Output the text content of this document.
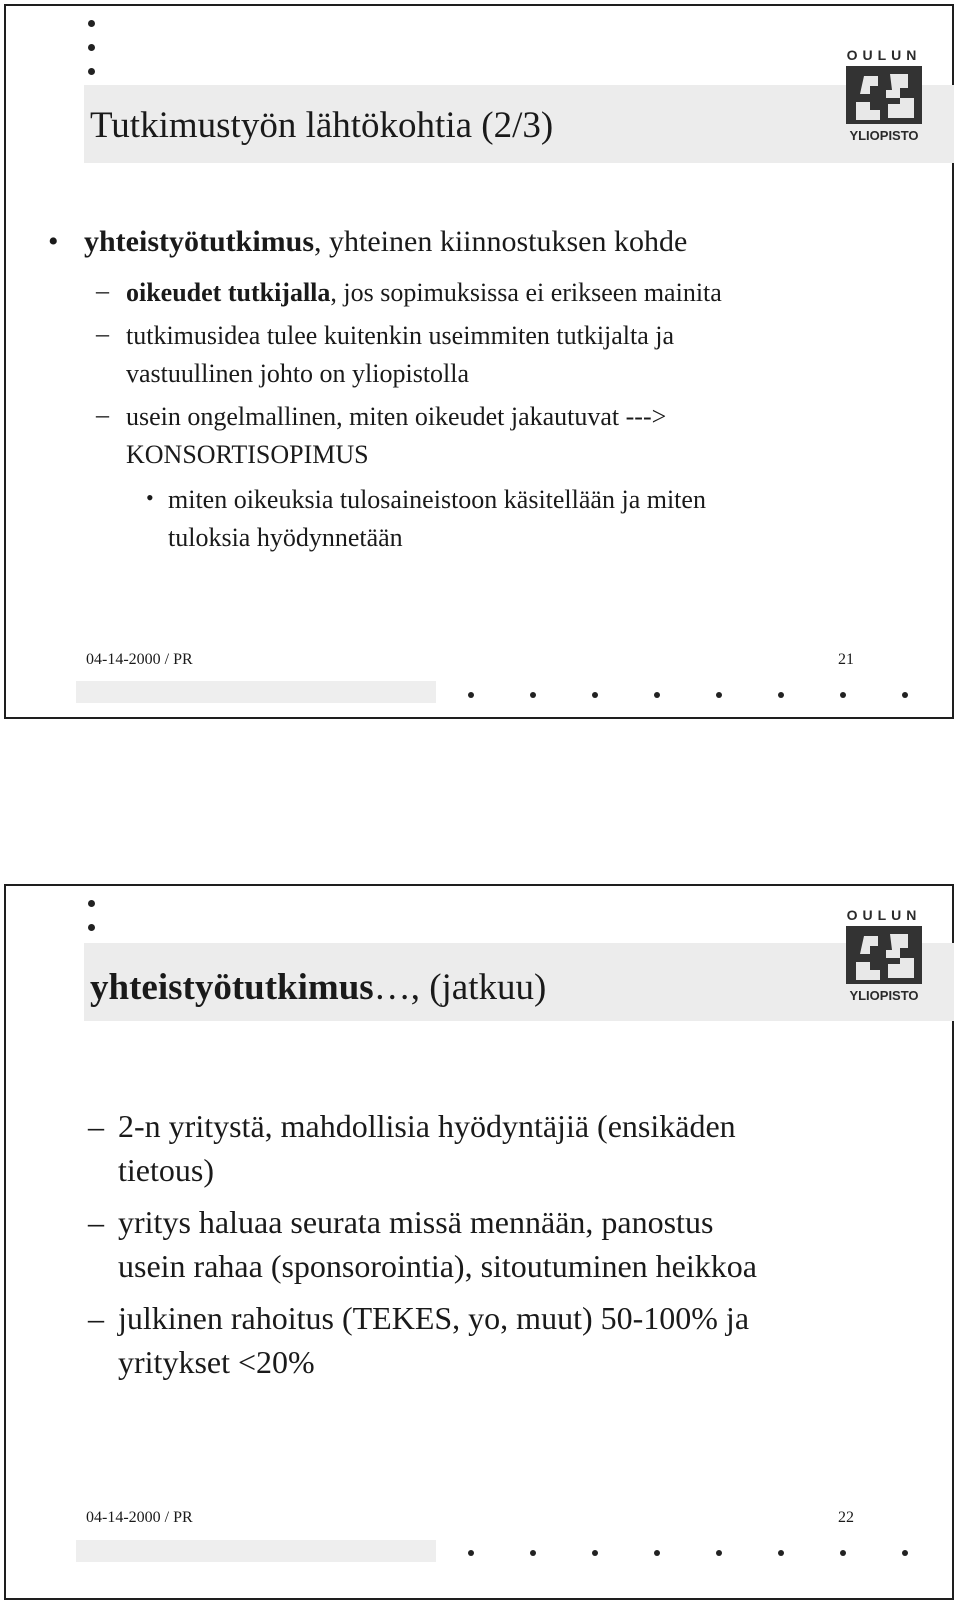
Tutkimustyön lähtökohtia (2/3)
OULUN
YLIOPISTO
• yhteistyötutkimus, yhteinen kiinnostuksen kohde
– oikeudet tutkijalla, jos sopimuksissa ei erikseen mainita
– tutkimusidea tulee kuitenkin useimmiten tutkijalta ja
vastuullinen johto on yliopistolla
– usein ongelmallinen, miten oikeudet jakautuvat --->
KONSORTISOPIMUS
• miten oikeuksia tulosaineistoon käsitellään ja miten
tuloksia hyödynnetään
04-14-2000 / PR	21
yhteistyötutkimus…, (jatkuu)
OULUN
YLIOPISTO
– 2-n yritystä, mahdollisia hyödyntäjiä (ensikäden
tietous)
– yritys haluaa seurata missä mennään, panostus
usein rahaa (sponsorointia), sitoutuminen heikkoa
– julkinen rahoitus (TEKES, yo, muut) 50-100% ja
yritykset <20%
04-14-2000 / PR	22
